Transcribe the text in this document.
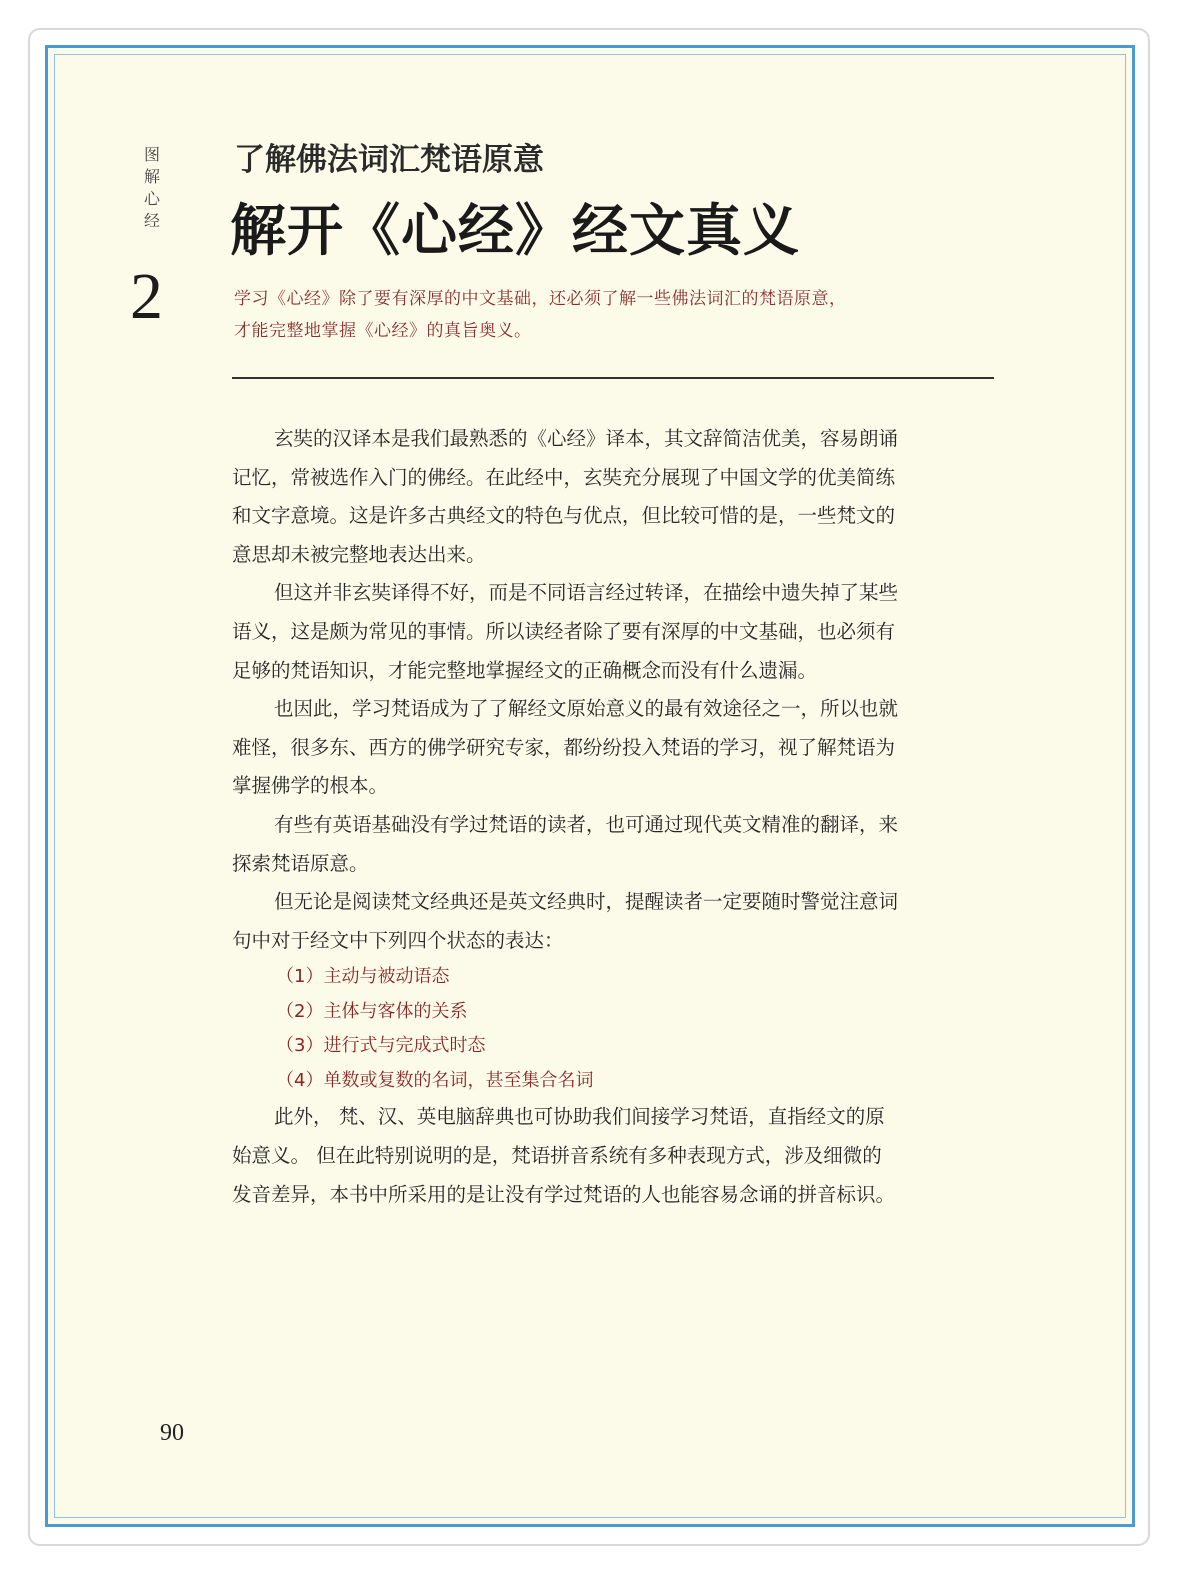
图
解
心
经
2
了解佛法词汇梵语原意
解开《心经》经文真义
学习《心经》除了要有深厚的中文基础，还必须了解一些佛法词汇的梵语原意，
才能完整地掌握《心经》的真旨奥义。
玄奘的汉译本是我们最熟悉的《心经》译本，其文辞简洁优美，容易朗诵
记忆，常被选作入门的佛经。在此经中，玄奘充分展现了中国文学的优美简练
和文字意境。这是许多古典经文的特色与优点，但比较可惜的是，一些梵文的
意思却未被完整地表达出来。
但这并非玄奘译得不好，而是不同语言经过转译，在描绘中遗失掉了某些
语义，这是颇为常见的事情。所以读经者除了要有深厚的中文基础，也必须有
足够的梵语知识，才能完整地掌握经文的正确概念而没有什么遗漏。
也因此，学习梵语成为了了解经文原始意义的最有效途径之一，所以也就
难怪，很多东、西方的佛学研究专家，都纷纷投入梵语的学习，视了解梵语为
掌握佛学的根本。
有些有英语基础没有学过梵语的读者，也可通过现代英文精准的翻译，来
探索梵语原意。
但无论是阅读梵文经典还是英文经典时，提醒读者一定要随时警觉注意词
句中对于经文中下列四个状态的表达：
（1）主动与被动语态
（2）主体与客体的关系
（3）进行式与完成式时态
（4）单数或复数的名词，甚至集合名词
此外， 梵、汉、英电脑辞典也可协助我们间接学习梵语，直指经文的原
始意义。 但在此特别说明的是，梵语拼音系统有多种表现方式，涉及细微的
发音差异，本书中所采用的是让没有学过梵语的人也能容易念诵的拼音标识。
90
